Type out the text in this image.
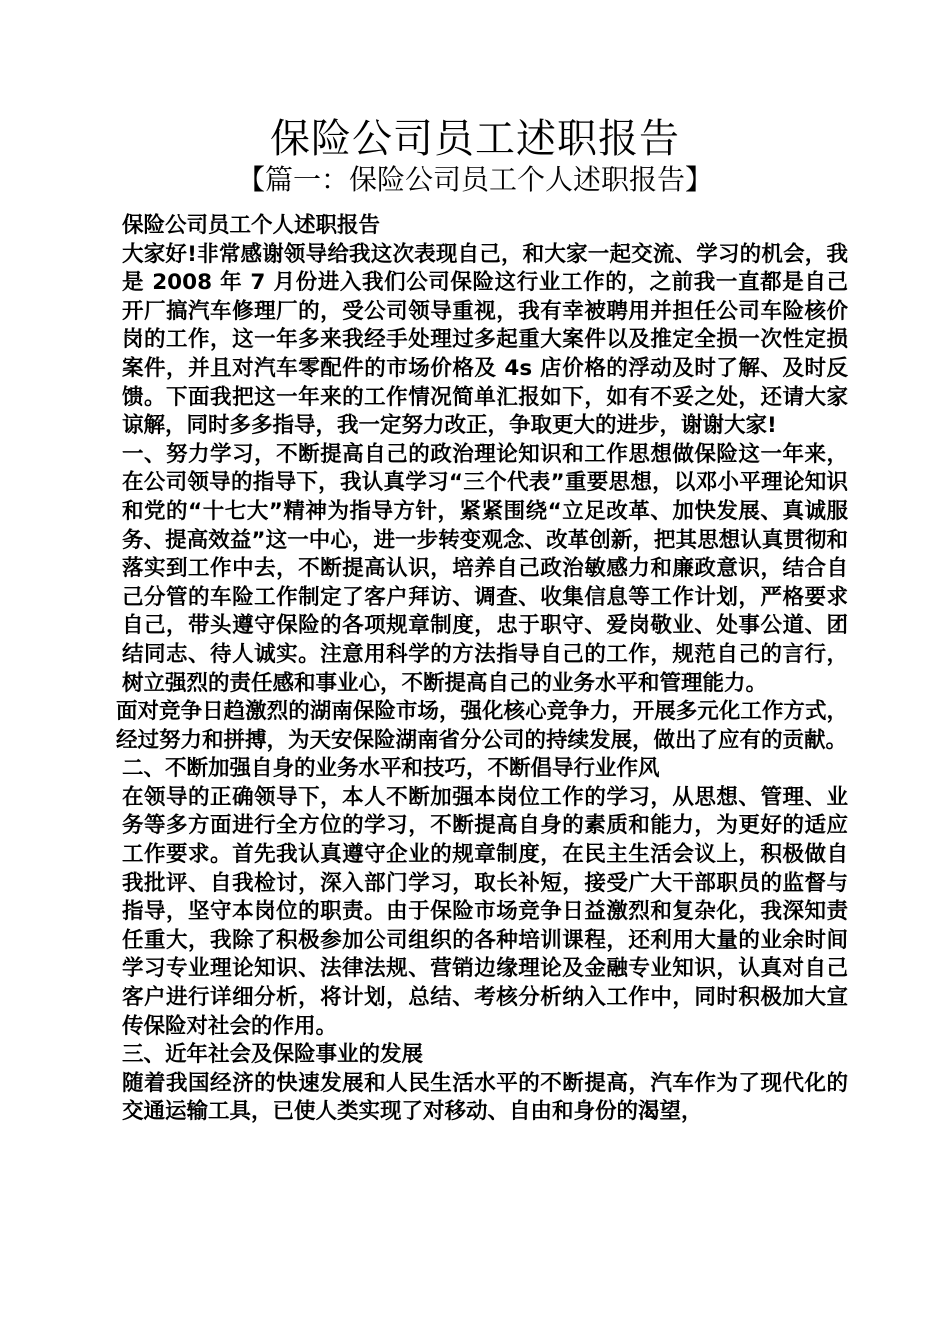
保险公司员工述职报告
【篇一：保险公司员工个人述职报告】

保险公司员工个人述职报告

大家好!非常感谢领导给我这次表现自己，和大家一起交流、学习的机会，我是 2008 年 7 月份进入我们公司保险这行业工作的，之前我一直都是自己开厂搞汽车修理厂的，受公司领导重视，我有幸被聘用并担任公司车险核价岗的工作，这一年多来我经手处理过多起重大案件以及推定全损一次性定损案件，并且对汽车零配件的市场价格及 4s 店价格的浮动及时了解、及时反馈。下面我把这一年来的工作情况简单汇报如下，如有不妥之处，还请大家谅解，同时多多指导，我一定努力改正，争取更大的进步，谢谢大家!

一、努力学习，不断提高自己的政治理论知识和工作思想做保险这一年来，在公司领导的指导下，我认真学习“三个代表”重要思想，以邓小平理论知识和党的“十七大”精神为指导方针，紧紧围绕“立足改革、加快发展、真诚服务、提高效益”这一中心，进一步转变观念、改革创新，把其思想认真贯彻和落实到工作中去，不断提高认识，培养自己政治敏感力和廉政意识，结合自己分管的车险工作制定了客户拜访、调查、收集信息等工作计划，严格要求自己，带头遵守保险的各项规章制度，忠于职守、爱岗敬业、处事公道、团结同志、待人诚实。注意用科学的方法指导自己的工作，规范自己的言行，树立强烈的责任感和事业心，不断提高自己的业务水平和管理能力。

面对竞争日趋激烈的湖南保险市场，强化核心竞争力，开展多元化工作方式，经过努力和拼搏，为天安保险湖南省分公司的持续发展，做出了应有的贡献。

二、不断加强自身的业务水平和技巧，不断倡导行业作风

在领导的正确领导下，本人不断加强本岗位工作的学习，从思想、管理、业务等多方面进行全方位的学习，不断提高自身的素质和能力，为更好的适应工作要求。首先我认真遵守企业的规章制度，在民主生活会议上，积极做自我批评、自我检讨，深入部门学习，取长补短，接受广大干部职员的监督与指导，坚守本岗位的职责。由于保险市场竞争日益激烈和复杂化，我深知责任重大，我除了积极参加公司组织的各种培训课程，还利用大量的业余时间学习专业理论知识、法律法规、营销边缘理论及金融专业知识，认真对自己客户进行详细分析，将计划，总结、考核分析纳入工作中，同时积极加大宣传保险对社会的作用。

三、近年社会及保险事业的发展

随着我国经济的快速发展和人民生活水平的不断提高，汽车作为了现代化的交通运输工具，已使人类实现了对移动、自由和身份的渴望，
